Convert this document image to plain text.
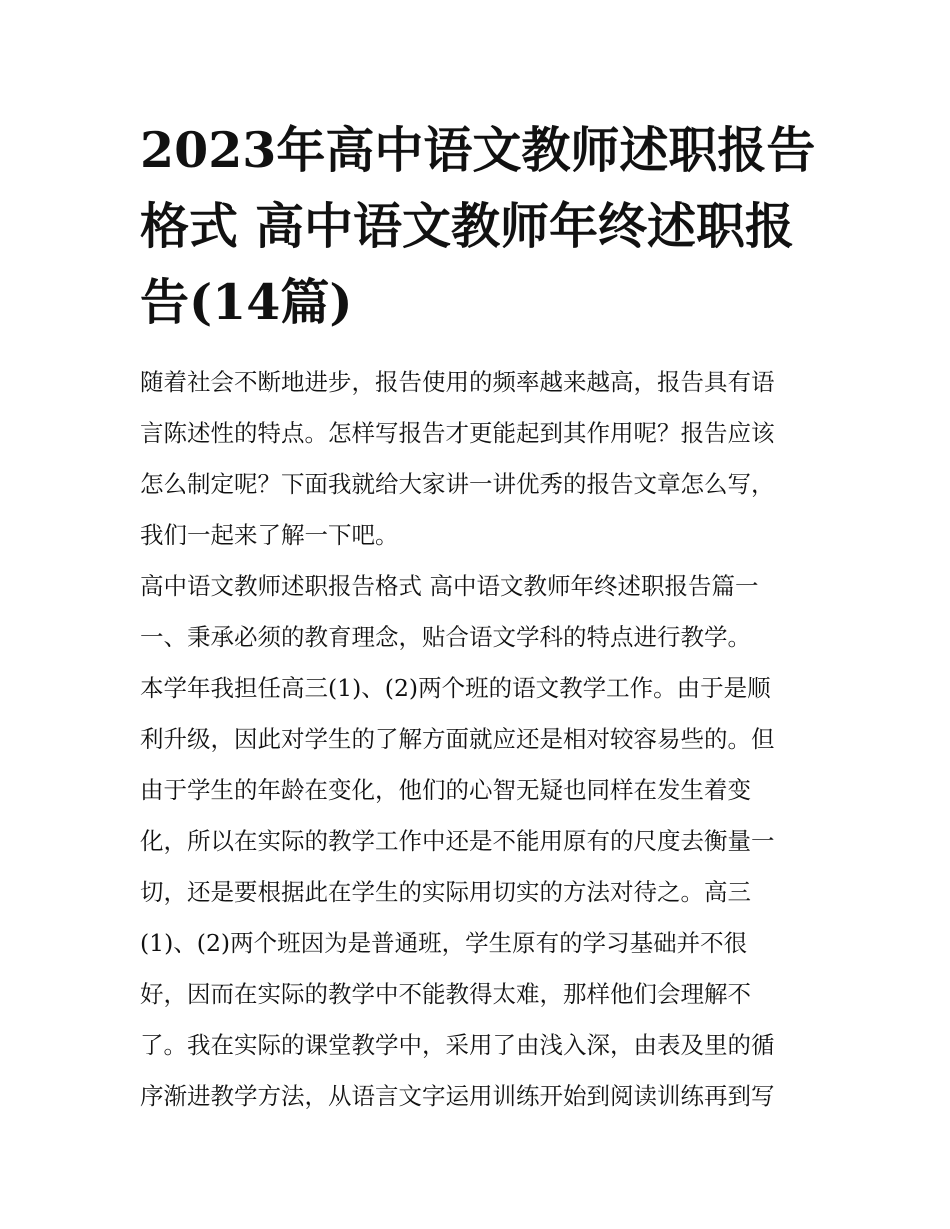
2023年高中语文教师述职报告
格式 高中语文教师年终述职报
告(14篇)
随着社会不断地进步，报告使用的频率越来越高，报告具有语
言陈述性的特点。怎样写报告才更能起到其作用呢？报告应该
怎么制定呢？下面我就给大家讲一讲优秀的报告文章怎么写，
我们一起来了解一下吧。
高中语文教师述职报告格式 高中语文教师年终述职报告篇一
一、秉承必须的教育理念，贴合语文学科的特点进行教学。
本学年我担任高三(1)、(2)两个班的语文教学工作。由于是顺
利升级，因此对学生的了解方面就应还是相对较容易些的。但
由于学生的年龄在变化，他们的心智无疑也同样在发生着变
化，所以在实际的教学工作中还是不能用原有的尺度去衡量一
切，还是要根据此在学生的实际用切实的方法对待之。高三
(1)、(2)两个班因为是普通班，学生原有的学习基础并不很
好，因而在实际的教学中不能教得太难，那样他们会理解不
了。我在实际的课堂教学中，采用了由浅入深，由表及里的循
序渐进教学方法，从语言文字运用训练开始到阅读训练再到写
